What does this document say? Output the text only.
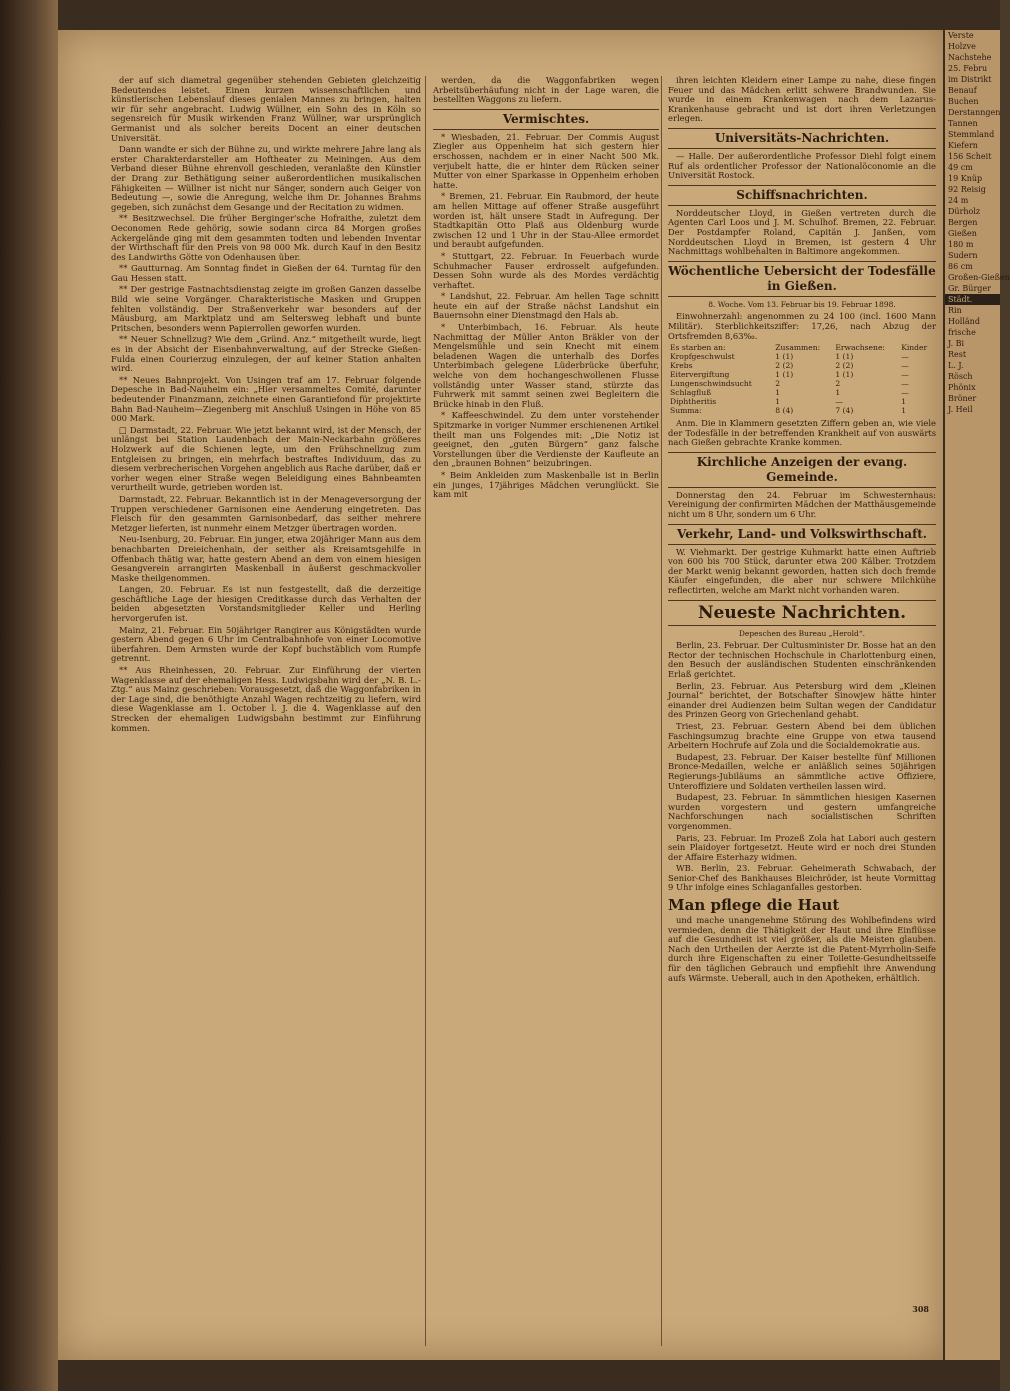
der auf sich diametral gegenüber stehenden Gebieten gleichzeitig Bedeutendes leistet. Einen kurzen wissenschaftlichen und künstlerischen Lebenslauf dieses genialen Mannes zu bringen, halten wir für sehr angebracht. Ludwig Wüllner, ein Sohn des in Köln so segensreich für Musik wirkenden Franz Wüllner, war ursprünglich Germanist und als solcher bereits Docent an einer deutschen Universität.

Dann wandte er sich der Bühne zu, und wirkte mehrere Jahre lang als erster Charakterdarsteller am Hoftheater zu Meiningen. Aus dem Verband dieser Bühne ehrenvoll geschieden, veranlaßte den Künstler der Drang zur Bethätigung seiner außerordentlichen musikalischen Fähigkeiten — Wüllner ist nicht nur Sänger, sondern auch Geiger von Bedeutung —, sowie die Anregung, welche ihm Dr. Johannes Brahms gegeben, sich zunächst dem Gesange und der Recitation zu widmen.

** Besitzwechsel. Die früher Berginger'sche Hofraithe, zuletzt dem Oeconomen Rede gehörig, sowie sodann circa 84 Morgen großes Ackergelände ging mit dem gesammten todten und lebenden Inventar der Wirthschaft für den Preis von 98 000 Mk. durch Kauf in den Besitz des Landwirths Götte von Odenhausen über.

** Gautturnag. Am Sonntag findet in Gießen der 64. Turntag für den Gau Hessen statt.

** Der gestrige Fastnachtsdienstag zeigte im großen Ganzen dasselbe Bild wie seine Vorgänger. Charakteristische Masken und Gruppen fehlten vollständig. Der Straßenverkehr war besonders auf der Mäusburg, am Marktplatz und am Seltersweg lebhaft und bunte Pritschen, besonders wenn Papierrollen geworfen wurden.

** Neuer Schnellzug? Wie dem „Gründ. Anz.“ mitgetheilt wurde, liegt es in der Absicht der Eisenbahnverwaltung, auf der Strecke Gießen-Fulda einen Courierzug einzulegen, der auf keiner Station anhalten wird.

** Neues Bahnprojekt. Von Usingen traf am 17. Februar folgende Depesche in Bad-Nauheim ein: „Hier versammeltes Comité, darunter bedeutender Finanzmann, zeichnete einen Garantiefond für projektirte Bahn Bad-Nauheim—Ziegenberg mit Anschluß Usingen in Höhe von 85 000 Mark.

□ Darmstadt, 22. Februar. Wie jetzt bekannt wird, ist der Mensch, der unlängst bei Station Laudenbach der Main-Neckarbahn größeres Holzwerk auf die Schienen legte, um den Frühschnellzug zum Entgleisen zu bringen, ein mehrfach bestraftes Individuum, das zu diesem verbrecherischen Vorgehen angeblich aus Rache darüber, daß er vorher wegen einer Straße wegen Beleidigung eines Bahnbeamten verurtheilt wurde, getrieben worden ist.

Darmstadt, 22. Februar. Bekanntlich ist in der Menageversorgung der Truppen verschiedener Garnisonen eine Aenderung eingetreten. Das Fleisch für den gesammten Garnisonbedarf, das seither mehrere Metzger lieferten, ist nunmehr einem Metzger übertragen worden.

Neu-Isenburg, 20. Februar. Ein junger, etwa 20jähriger Mann aus dem benachbarten Dreieichenhain, der seither als Kreisamtsgehilfe in Offenbach thätig war, hatte gestern Abend an dem von einem hiesigen Gesangverein arrangirten Maskenball in äußerst geschmackvoller Maske theilgenommen.

Langen, 20. Februar. Es ist nun festgestellt, daß die derzeitige geschäftliche Lage der hiesigen Creditkasse durch das Verhalten der beiden abgesetzten Vorstandsmitglieder Keller und Herling hervorgerufen ist.

Mainz, 21. Februar. Ein 50jähriger Rangirer aus Königstädten wurde gestern Abend gegen 6 Uhr im Centralbahnhofe von einer Locomotive überfahren. Dem Armsten wurde der Kopf buchstäblich vom Rumpfe getrennt.

** Aus Rheinhessen, 20. Februar. Zur Einführung der vierten Wagenklasse auf der ehemaligen Hess. Ludwigsbahn wird der „N. B. L.-Ztg.“ aus Mainz geschrieben: Vorausgesetzt, daß die Waggonfabriken in der Lage sind, die benöthigte Anzahl Wagen rechtzeitig zu liefern, wird diese Wagenklasse am 1. October l. J. die 4. Wagenklasse auf den Strecken der ehemaligen Ludwigsbahn bestimmt zur Einführung kommen.

werden, da die Waggonfabriken wegen Arbeitsüberhäufung nicht in der Lage waren, die bestellten Waggons zu liefern.

Vermischtes.

* Wiesbaden, 21. Februar. Der Commis August Ziegler aus Oppenheim hat sich gestern hier erschossen, nachdem er in einer Nacht 500 Mk. verjubelt hatte, die er hinter dem Rücken seiner Mutter von einer Sparkasse in Oppenheim erhoben hatte.

* Bremen, 21. Februar. Ein Raubmord, der heute am hellen Mittage auf offener Straße ausgeführt worden ist, hält unsere Stadt in Aufregung. Der Stadtkapitän Otto Plaß aus Oldenburg wurde zwischen 12 und 1 Uhr in der Stau-Allee ermordet und beraubt aufgefunden.

* Stuttgart, 22. Februar. In Feuerbach wurde Schuhmacher Fauser erdrosselt aufgefunden. Dessen Sohn wurde als des Mordes verdächtig verhaftet.

* Landshut, 22. Februar. Am hellen Tage schnitt heute ein auf der Straße nächst Landshut ein Bauernsohn einer Dienstmagd den Hals ab.

* Unterbimbach, 16. Februar. Als heute Nachmittag der Müller Anton Bräkler von der Mengelsmühle und sein Knecht mit einem beladenen Wagen die unterhalb des Dorfes Unterbimbach gelegene Lüderbrücke überfuhr, welche von dem hochangeschwollenen Flusse vollständig unter Wasser stand, stürzte das Fuhrwerk mit sammt seinen zwei Begleitern die Brücke hinab in den Fluß.

* Kaffeeschwindel. Zu dem unter vorstehender Spitzmarke in voriger Nummer erschienenen Artikel theilt man uns Folgendes mit: „Die Notiz ist geeignet, den „guten Bürgern“ ganz falsche Vorstellungen über die Verdienste der Kaufleute an den „braunen Bohnen“ beizubringen.

* Beim Ankleiden zum Maskenballe ist in Berlin ein junges, 17jähriges Mädchen verunglückt. Sie kam mit

ihren leichten Kleidern einer Lampe zu nahe, diese fingen Feuer und das Mädchen erlitt schwere Brandwunden. Sie wurde in einem Krankenwagen nach dem Lazarus-Krankenhause gebracht und ist dort ihren Verletzungen erlegen.

Universitäts-Nachrichten.

— Halle. Der außerordentliche Professor Diehl folgt einem Ruf als ordentlicher Professor der Nationalöconomie an die Universität Rostock.

Schiffsnachrichten.

Norddeutscher Lloyd, in Gießen vertreten durch die Agenten Carl Loos und J. M. Schulhof. Bremen, 22. Februar. Der Postdampfer Roland, Capitän J. Janßen, vom Norddeutschen Lloyd in Bremen, ist gestern 4 Uhr Nachmittags wohlbehalten in Baltimore angekommen.

Wöchentliche Uebersicht der Todesfälle in Gießen.
8. Woche. Vom 13. Februar bis 19. Februar 1898.

Einwohnerzahl: angenommen zu 24 100 (incl. 1600 Mann Militär). Sterblichkeitsziffer: 17,26, nach Abzug der Ortsfremden 8,63‰.

Es starben an:	Zusammen:	Erwachsene:	Kinder
Kropfgeschwulst	1 (1)	1 (1)	—
Krebs	2 (2)	2 (2)	—
Eitervergiftung	1 (1)	1 (1)	—
Lungenschwindsucht	2	2	—
Schlagfluß	1	1	—
Diphtheritis	1	—	1
Summa:	8 (4)	7 (4)	1

Anm. Die in Klammern gesetzten Ziffern geben an, wie viele der Todesfälle in der betreffenden Krankheit auf von auswärts nach Gießen gebrachte Kranke kommen.

Kirchliche Anzeigen der evang. Gemeinde.

Donnerstag den 24. Februar im Schwesternhaus: Vereinigung der confirmirten Mädchen der Matthäusgemeinde nicht um 8 Uhr, sondern um 6 Uhr.

Verkehr, Land- und Volkswirthschaft.

W. Viehmarkt. Der gestrige Kuhmarkt hatte einen Auftrieb von 600 bis 700 Stück, darunter etwa 200 Kälber. Trotzdem der Markt wenig bekannt geworden, hatten sich doch fremde Käufer eingefunden, die aber nur schwere Milchkühe reflectirten, welche am Markt nicht vorhanden waren.

Neueste Nachrichten.
Depeschen des Bureau „Herold“.

Berlin, 23. Februar. Der Cultusminister Dr. Bosse hat an den Rector der technischen Hochschule in Charlottenburg einen, den Besuch der ausländischen Studenten einschränkenden Erlaß gerichtet.

Berlin, 23. Februar. Aus Petersburg wird dem „Kleinen Journal“ berichtet, der Botschafter Sinowjew hätte hinter einander drei Audienzen beim Sultan wegen der Candidatur des Prinzen Georg von Griechenland gehabt.

Triest, 23. Februar. Gestern Abend bei dem üblichen Faschingsumzug brachte eine Gruppe von etwa tausend Arbeitern Hochrufe auf Zola und die Socialdemokratie aus.

Budapest, 23. Februar. Der Kaiser bestellte fünf Millionen Bronce-Medaillen, welche er anläßlich seines 50jährigen Regierungs-Jubiläums an sämmtliche active Offiziere, Unteroffiziere und Soldaten vertheilen lassen wird.

Budapest, 23. Februar. In sämmtlichen hiesigen Kasernen wurden vorgestern und gestern umfangreiche Nachforschungen nach socialistischen Schriften vorgenommen.

Paris, 23. Februar. Im Prozeß Zola hat Labori auch gestern sein Plaidoyer fortgesetzt. Heute wird er noch drei Stunden der Affaire Esterhazy widmen.

WB. Berlin, 23. Februar. Geheimerath Schwabach, der Senior-Chef des Bankhauses Bleichröder, ist heute Vormittag 9 Uhr infolge eines Schlaganfalles gestorben.

Man pflege die Haut

und mache unangenehme Störung des Wohlbefindens wird vermieden, denn die Thätigkeit der Haut und ihre Einflüsse auf die Gesundheit ist viel größer, als die Meisten glauben. Nach den Urtheilen der Aerzte ist die Patent-Myrrholin-Seife durch ihre Eigenschaften zu einer Toilette-Gesundheitsseife für den täglichen Gebrauch und empfiehlt ihre Anwendung aufs Wärmste. Ueberall, auch in den Apotheken, erhältlich.

308
Verste
Holzve
Nachstehe
25. Febru
im Distrikt
Benauf
Buchen
Derstanngen
Tannen
Stemmland
Kiefern
156 Scheit
49 cm
19 Knüp
92 Reisig
24 m
Dürholz
Bergen
Gießen
180 m
Sudern
86 cm
Großen-Gießen
Gr. Bürger
Städt.
Rin
Holländ
frische
J. Bi
Rest
L. J.
Rösch
Phönix
Bröner
J. Heil
